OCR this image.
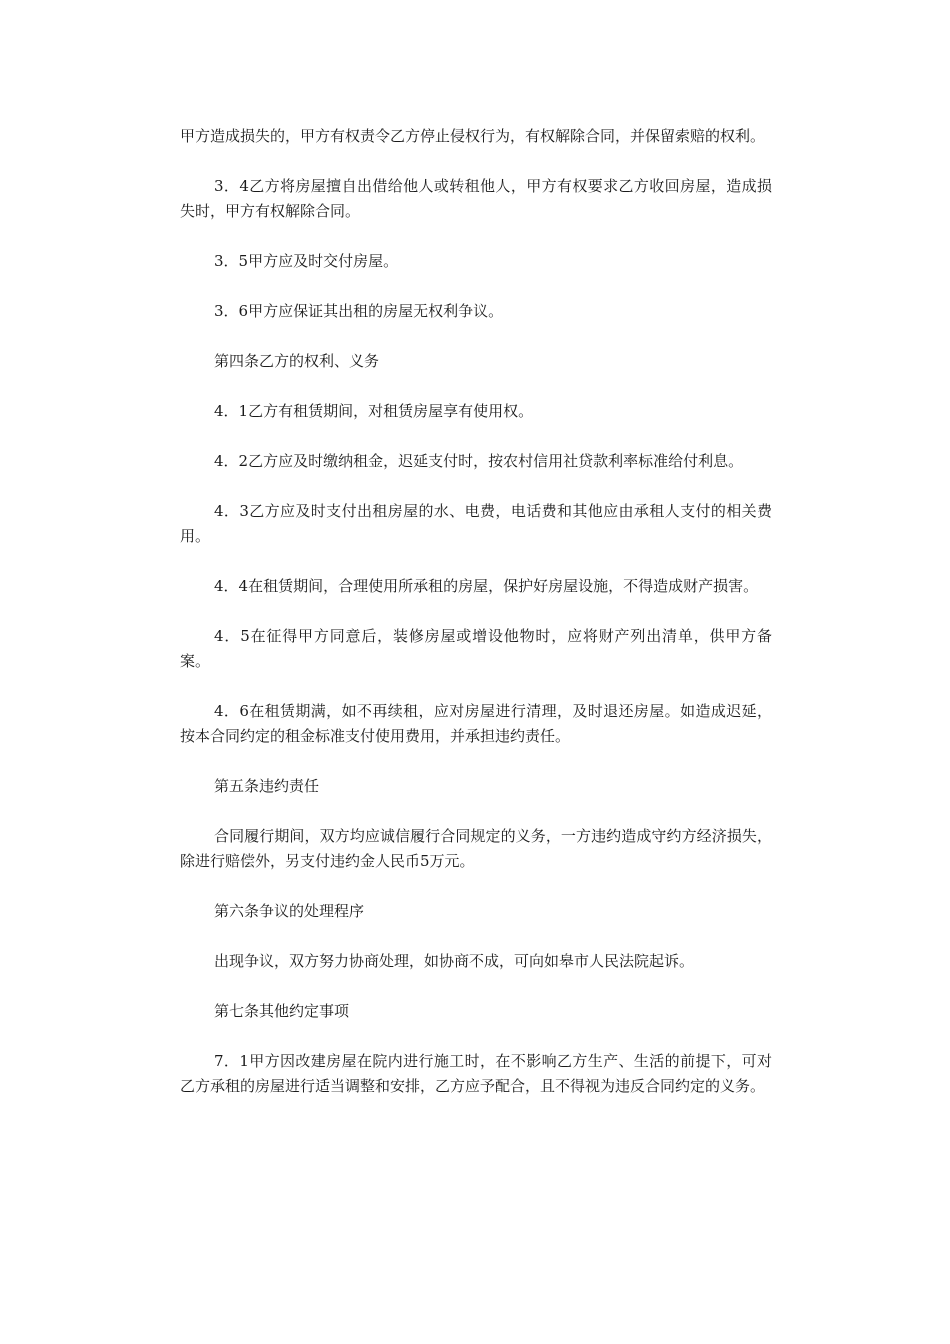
甲方造成损失的，甲方有权责令乙方停止侵权行为，有权解除合同，并保留索赔的权利。

3．4乙方将房屋擅自出借给他人或转租他人，甲方有权要求乙方收回房屋，造成损失时，甲方有权解除合同。

3．5甲方应及时交付房屋。

3．6甲方应保证其出租的房屋无权利争议。

第四条乙方的权利、义务

4．1乙方有租赁期间，对租赁房屋享有使用权。

4．2乙方应及时缴纳租金，迟延支付时，按农村信用社贷款利率标准给付利息。

4．3乙方应及时支付出租房屋的水、电费，电话费和其他应由承租人支付的相关费用。

4．4在租赁期间，合理使用所承租的房屋，保护好房屋设施，不得造成财产损害。

4．5在征得甲方同意后，装修房屋或增设他物时，应将财产列出清单，供甲方备案。

4．6在租赁期满，如不再续租，应对房屋进行清理，及时退还房屋。如造成迟延，按本合同约定的租金标准支付使用费用，并承担违约责任。

第五条违约责任

合同履行期间，双方均应诚信履行合同规定的义务，一方违约造成守约方经济损失，除进行赔偿外，另支付违约金人民币5万元。

第六条争议的处理程序

出现争议，双方努力协商处理，如协商不成，可向如皋市人民法院起诉。

第七条其他约定事项

7．1甲方因改建房屋在院内进行施工时，在不影响乙方生产、生活的前提下，可对乙方承租的房屋进行适当调整和安排，乙方应予配合，且不得视为违反合同约定的义务。
